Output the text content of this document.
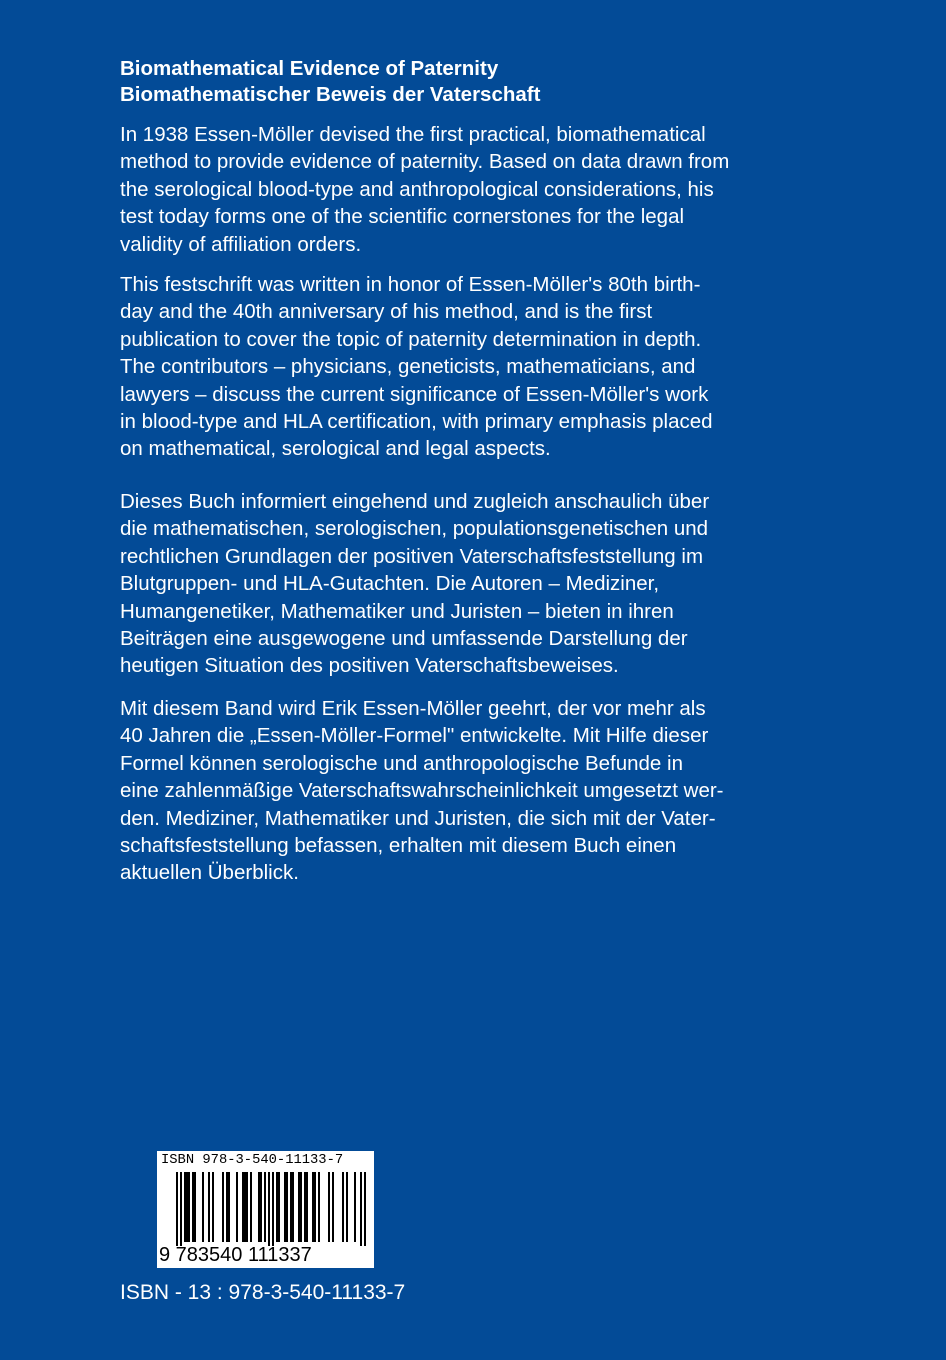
Biomathematical Evidence of Paternity

Biomathematischer Beweis der Vaterschaft

In 1938 Essen-Möller devised the first practical, biomathematical
method to provide evidence of paternity. Based on data drawn from
the serological blood-type and anthropological considerations, his
test today forms one of the scientific cornerstones for the legal
validity of affiliation orders.

This festschrift was written in honor of Essen-Möller's 80th birth-
day and the 40th anniversary of his method, and is the first
publication to cover the topic of paternity determination in depth.
The contributors – physicians, geneticists, mathematicians, and
lawyers – discuss the current significance of Essen-Möller's work
in blood-type and HLA certification, with primary emphasis placed
on mathematical, serological and legal aspects.

Dieses Buch informiert eingehend und zugleich anschaulich über
die mathematischen, serologischen, populationsgenetischen und
rechtlichen Grundlagen der positiven Vaterschaftsfeststellung im
Blutgruppen- und HLA-Gutachten. Die Autoren – Mediziner,
Humangenetiker, Mathematiker und Juristen – bieten in ihren
Beiträgen eine ausgewogene und umfassende Darstellung der
heutigen Situation des positiven Vaterschaftsbeweises.

Mit diesem Band wird Erik Essen-Möller geehrt, der vor mehr als
40 Jahren die „Essen-Möller-Formel" entwickelte. Mit Hilfe dieser
Formel können serologische und anthropologische Befunde in
eine zahlenmäßige Vaterschaftswahrscheinlichkeit umgesetzt wer-
den. Mediziner, Mathematiker und Juristen, die sich mit der Vater-
schaftsfeststellung befassen, erhalten mit diesem Buch einen
aktuellen Überblick.

ISBN 978-3-540-11133-7
9 783540 111337
ISBN - 13 : 978-3-540-11133-7
